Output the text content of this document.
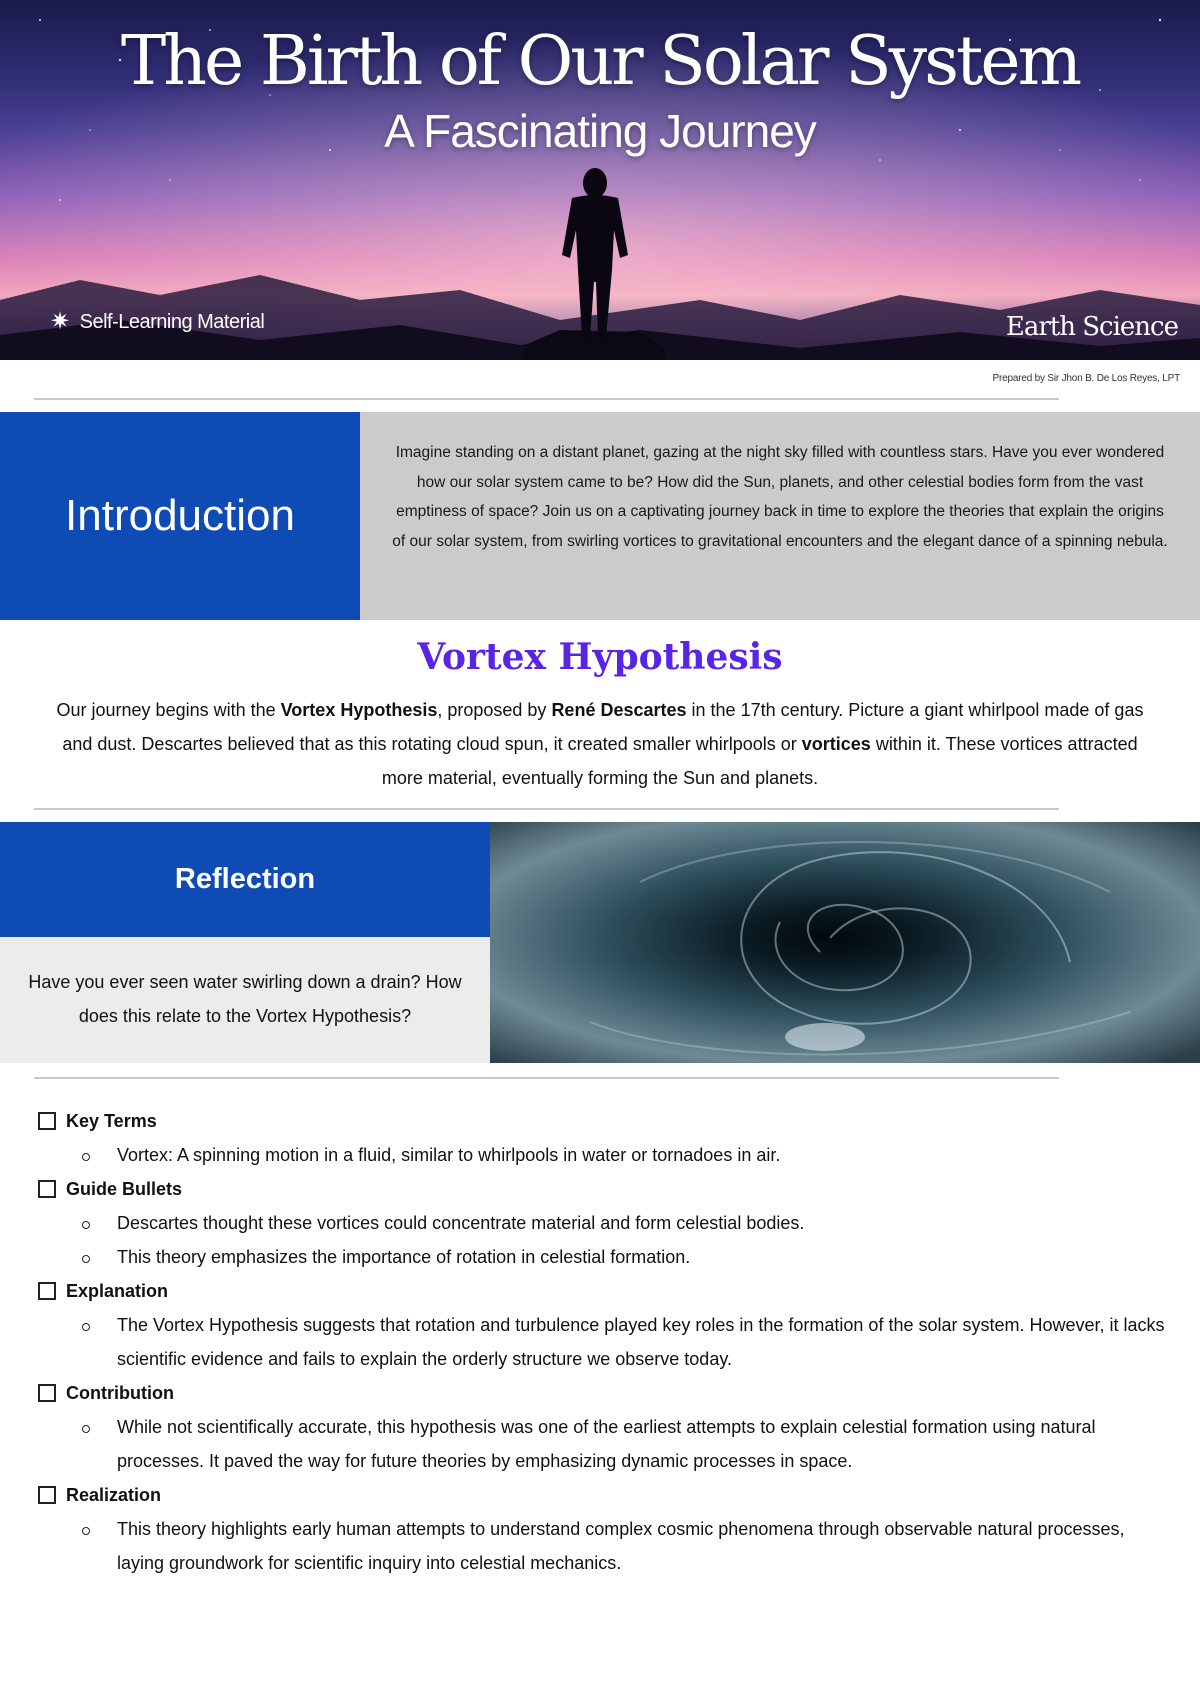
The Birth of Our Solar System
A Fascinating Journey
✷ Self-Learning Material	Earth Science
Prepared by Sir Jhon B. De Los Reyes, LPT
Introduction
Imagine standing on a distant planet, gazing at the night sky filled with countless stars. Have you ever wondered how our solar system came to be? How did the Sun, planets, and other celestial bodies form from the vast emptiness of space? Join us on a captivating journey back in time to explore the theories that explain the origins of our solar system, from swirling vortices to gravitational encounters and the elegant dance of a spinning nebula.
Vortex Hypothesis
Our journey begins with the Vortex Hypothesis, proposed by René Descartes in the 17th century. Picture a giant whirlpool made of gas and dust. Descartes believed that as this rotating cloud spun, it created smaller whirlpools or vortices within it. These vortices attracted more material, eventually forming the Sun and planets.
Reflection
Have you ever seen water swirling down a drain? How does this relate to the Vortex Hypothesis?
Key Terms
Vortex: A spinning motion in a fluid, similar to whirlpools in water or tornadoes in air.
Guide Bullets
Descartes thought these vortices could concentrate material and form celestial bodies.
This theory emphasizes the importance of rotation in celestial formation.
Explanation
The Vortex Hypothesis suggests that rotation and turbulence played key roles in the formation of the solar system. However, it lacks scientific evidence and fails to explain the orderly structure we observe today.
Contribution
While not scientifically accurate, this hypothesis was one of the earliest attempts to explain celestial formation using natural processes. It paved the way for future theories by emphasizing dynamic processes in space.
Realization
This theory highlights early human attempts to understand complex cosmic phenomena through observable natural processes, laying groundwork for scientific inquiry into celestial mechanics.
